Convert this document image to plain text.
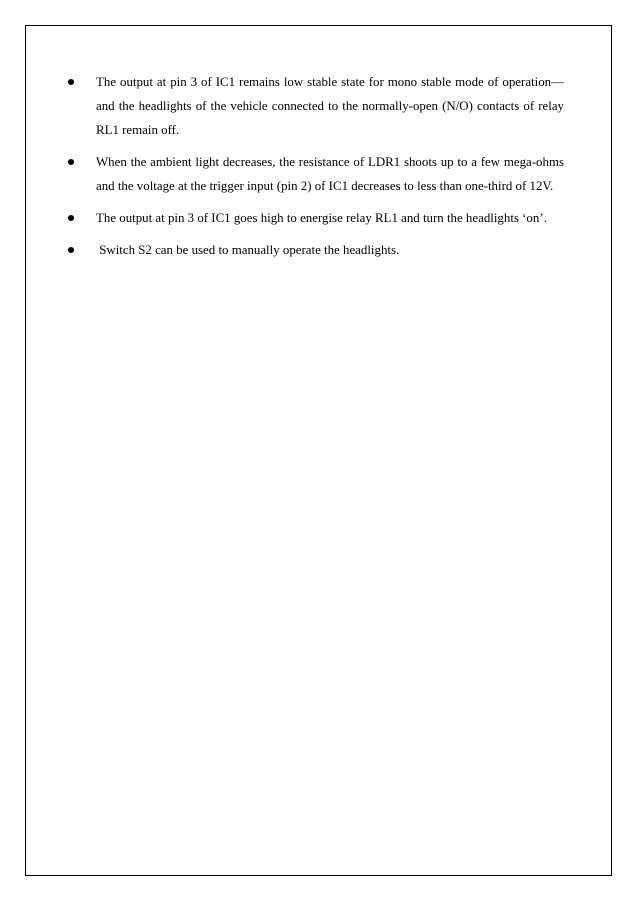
The output at pin 3 of IC1 remains low stable state for mono stable mode of operation—and the headlights of the vehicle connected to the normally-open (N/O) contacts of relay RL1 remain off.
When the ambient light decreases, the resistance of LDR1 shoots up to a few mega-ohms and the voltage at the trigger input (pin 2) of IC1 decreases to less than one-third of 12V.
The output at pin 3 of IC1 goes high to energise relay RL1 and turn the headlights ‘on’.
Switch S2 can be used to manually operate the headlights.
